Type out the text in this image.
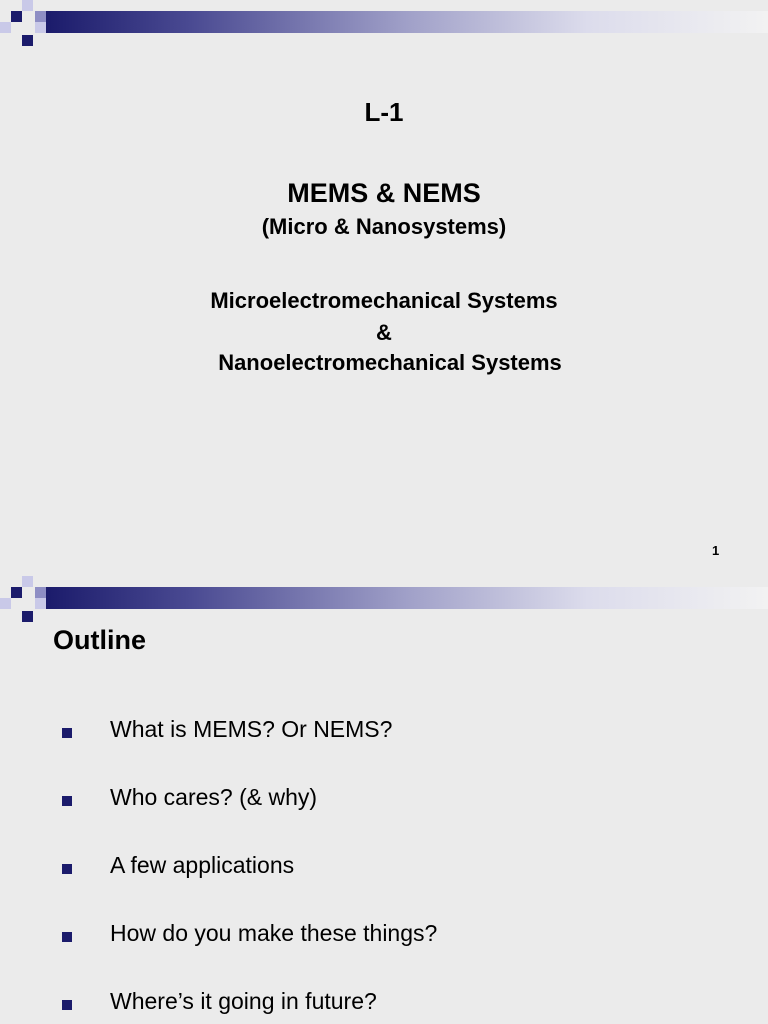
L-1
MEMS & NEMS
(Micro & Nanosystems)
Microelectromechanical Systems
&
Nanoelectromechanical Systems
1
Outline
What is MEMS? Or NEMS?
Who cares? (& why)
A few applications
How do you make these things?
Where’s it going in future?
